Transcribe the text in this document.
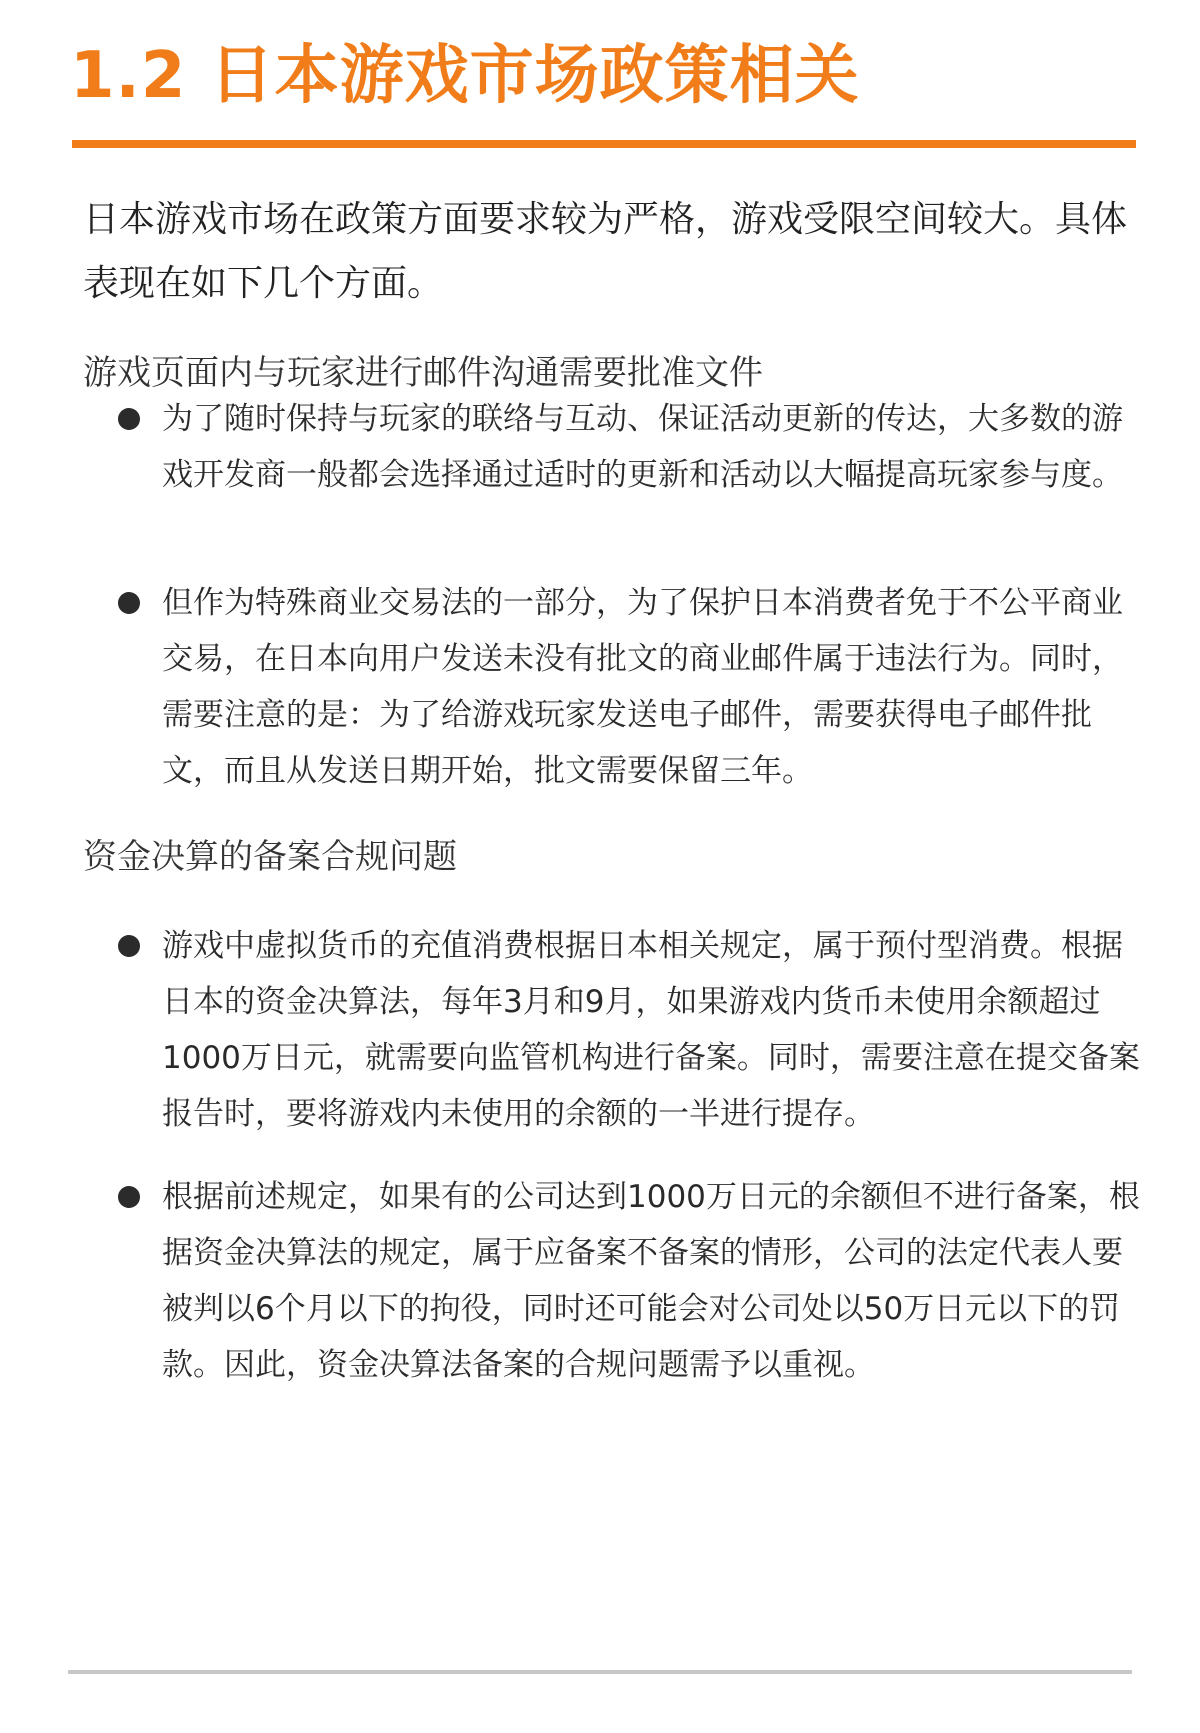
1.2 日本游戏市场政策相关

日本游戏市场在政策方面要求较为严格，游戏受限空间较大。具体表现在如下几个方面。

游戏页面内与玩家进行邮件沟通需要批准文件

为了随时保持与玩家的联络与互动、保证活动更新的传达，大多数的游戏开发商一般都会选择通过适时的更新和活动以大幅提高玩家参与度。

但作为特殊商业交易法的一部分，为了保护日本消费者免于不公平商业交易，在日本向用户发送未没有批文的商业邮件属于违法行为。同时，需要注意的是：为了给游戏玩家发送电子邮件，需要获得电子邮件批文，而且从发送日期开始，批文需要保留三年。

资金决算的备案合规问题

游戏中虚拟货币的充值消费根据日本相关规定，属于预付型消费。根据日本的资金决算法，每年3月和9月，如果游戏内货币未使用余额超过1000万日元，就需要向监管机构进行备案。同时，需要注意在提交备案报告时，要将游戏内未使用的余额的一半进行提存。

根据前述规定，如果有的公司达到1000万日元的余额但不进行备案，根据资金决算法的规定，属于应备案不备案的情形，公司的法定代表人要被判以6个月以下的拘役，同时还可能会对公司处以50万日元以下的罚款。因此，资金决算法备案的合规问题需予以重视。
